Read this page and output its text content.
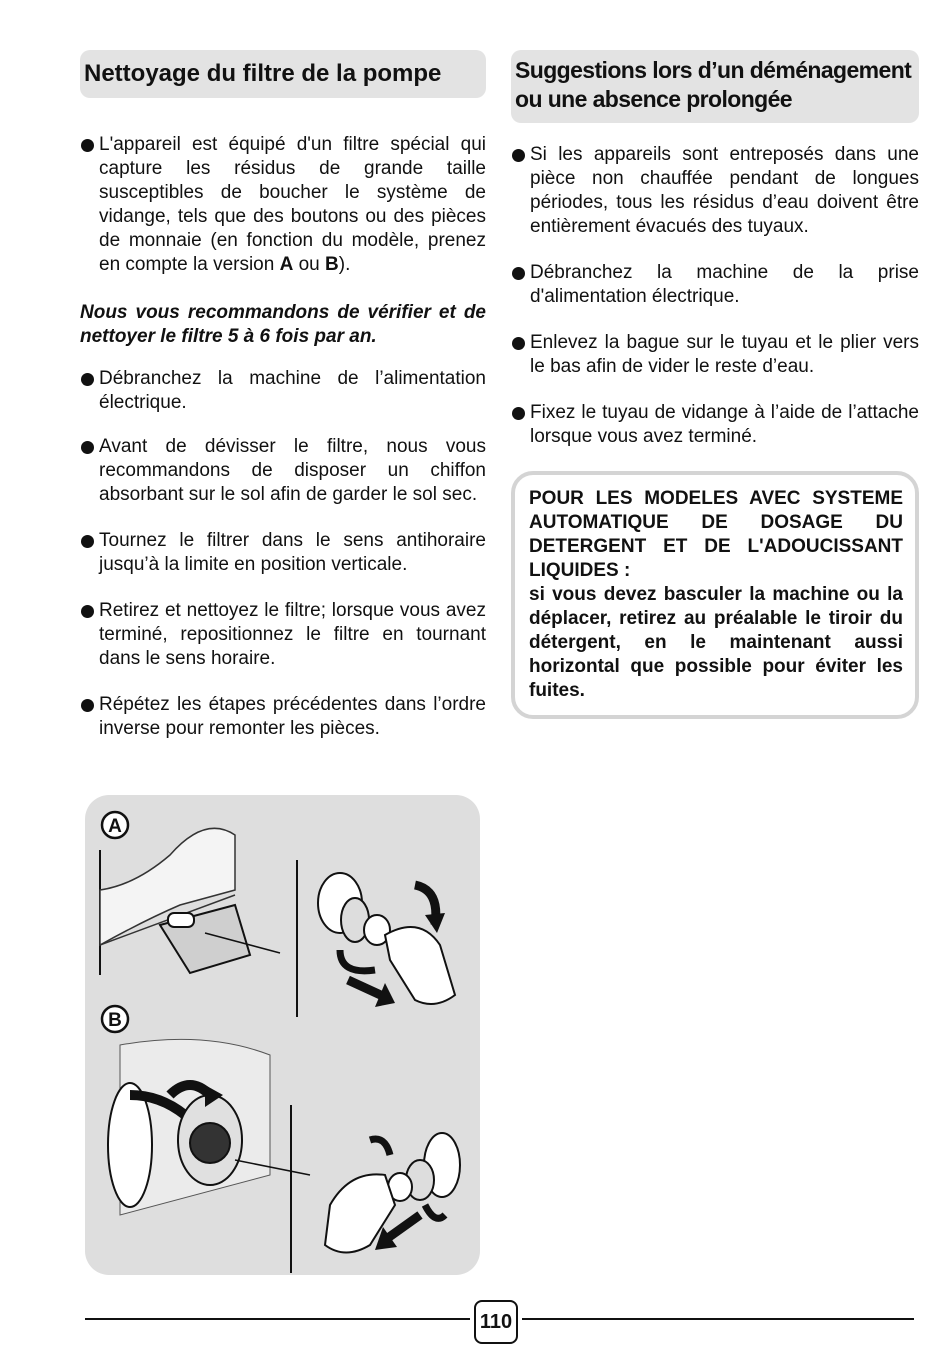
Nettoyage du filtre de la pompe

L'appareil est équipé d'un filtre spécial qui capture les résidus de grande taille susceptibles de boucher le système de vidange, tels que des boutons ou des pièces de monnaie (en fonction du modèle, prenez en compte la version A ou B).

Nous vous recommandons de vérifier et de nettoyer le filtre 5 à 6 fois par an.

Débranchez la machine de l’alimentation électrique.

Avant de dévisser le filtre, nous vous recommandons de disposer un chiffon absorbant sur le sol afin de garder le sol sec.

Tournez le filtrer dans le sens antihoraire jusqu’à la limite en position verticale.

Retirez et nettoyez le filtre; lorsque vous avez terminé, repositionnez le filtre en tournant dans le sens horaire.

Répétez les étapes précédentes dans l’ordre inverse pour remonter les pièces.

Suggestions lors d’un déménagement
ou une absence prolongée

Si les appareils sont entreposés dans une pièce non chauffée pendant de longues périodes, tous les résidus d’eau doivent être entièrement évacués des tuyaux.

Débranchez la machine de la prise d'alimentation électrique.

Enlevez la bague sur le tuyau et le plier vers le bas afin de vider le reste d’eau.

Fixez le tuyau de vidange à l’aide de l’attache lorsque vous avez terminé.

POUR LES MODELES AVEC SYSTEME AUTOMATIQUE DE DOSAGE DU DETERGENT ET DE L'ADOUCISSANT LIQUIDES :
si vous devez basculer la machine ou la déplacer, retirez au préalable le tiroir du détergent, en le maintenant aussi horizontal que possible pour éviter les fuites.
A
B
110
